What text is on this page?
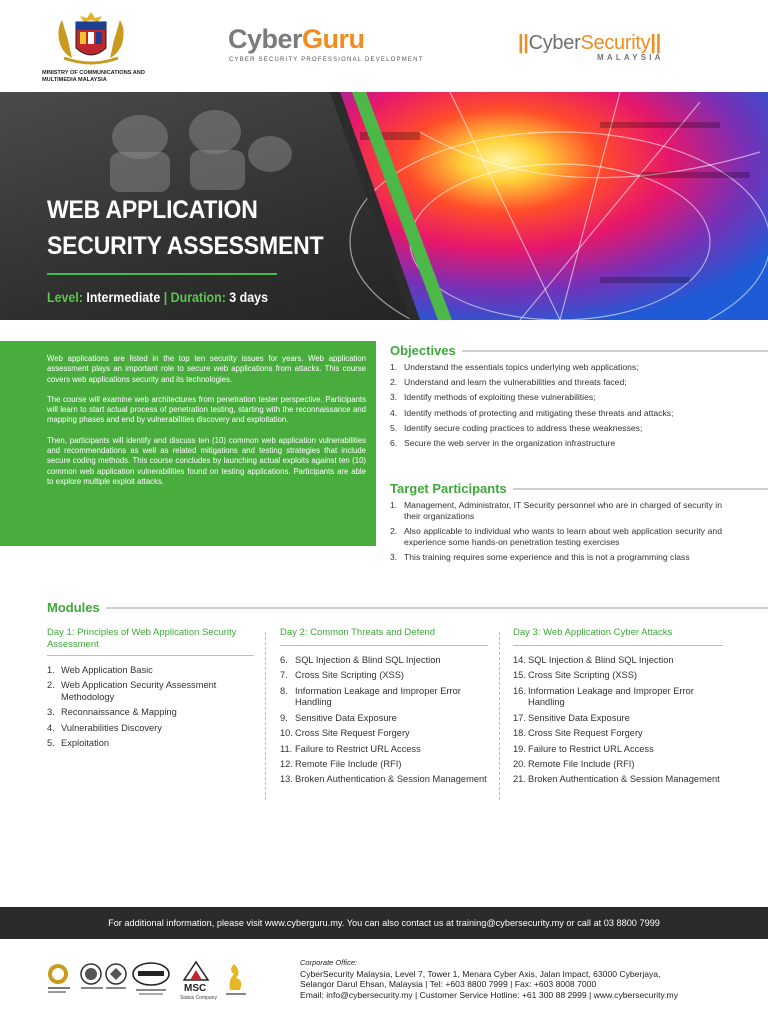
MINISTRY OF COMMUNICATIONS AND MULTIMEDIA MALAYSIA
CyberGuru
CYBER SECURITY PROFESSIONAL DEVELOPMENT
||CyberSecurity||
MALAYSIA
WEB APPLICATION
SECURITY ASSESSMENT
Level: Intermediate | Duration: 3 days

Web applications are listed in the top ten security issues for years. Web application assessment plays an important role to secure web applications from attacks. This course covers web applications security and its technologies.

The course will examine web architectures from penetration tester perspective. Participants will learn to start actual process of penetration testing, starting with the reconnaissance and mapping phases and end by vulnerabilities discovery and exploitation.

Then, participants will identify and discuss ten (10) common web application vulnerabilities and recommendations as well as related mitigations and testing strategies that include secure coding methods. This course concludes by launching actual exploits against ten (10) common web application vulnerabilities found on testing applications. Participants are able to explore multiple exploit attacks.

Objectives
1. Understand the essentials topics underlying web applications;
2. Understand and learn the vulnerabilities and threats faced;
3. Identify methods of exploiting these vulnerabilities;
4. Identify methods of protecting and mitigating these threats and attacks;
5. Identify secure coding practices to address these weaknesses;
6. Secure the web server in the organization infrastructure
Target Participants
1. Management, Administrator, IT Security personnel who are in charged of security in their organizations
2. Also applicable to individual who wants to learn about web application security and experience some hands-on penetration testing exercises
3. This training requires some experience and this is not a programming class
Modules
Day 1: Principles of Web Application Security Assessment
1. Web Application Basic
2. Web Application Security Assessment Methodology
3. Reconnaissance & Mapping
4. Vulnerabilities Discovery
5. Exploitation
Day 2: Common Threats and Defend
6. SQL Injection & Blind SQL Injection
7. Cross Site Scripting (XSS)
8. Information Leakage and Improper Error Handling
9. Sensitive Data Exposure
10. Cross Site Request Forgery
11. Failure to Restrict URL Access
12. Remote File Include (RFI)
13. Broken Authentication & Session Management
Day 3: Web Application Cyber Attacks
14. SQL Injection & Blind SQL Injection
15. Cross Site Scripting (XSS)
16. Information Leakage and Improper Error Handling
17. Sensitive Data Exposure
18. Cross Site Request Forgery
19. Failure to Restrict URL Access
20. Remote File Include (RFI)
21. Broken Authentication & Session Management
For additional information, please visit www.cyberguru.my. You can also contact us at training@cybersecurity.my or call at 03 8800 7999
MSC
Status Company
Corporate Office:
CyberSecurity Malaysia, Level 7, Tower 1, Menara Cyber Axis, Jalan Impact, 63000 Cyberjaya,
Selangor Darul Ehsan, Malaysia | Tel: +603 8800 7999 | Fax: +603 8008 7000
Email: info@cybersecurity.my | Customer Service Hotline: +61 300 88 2999 | www.cybersecurity.my
